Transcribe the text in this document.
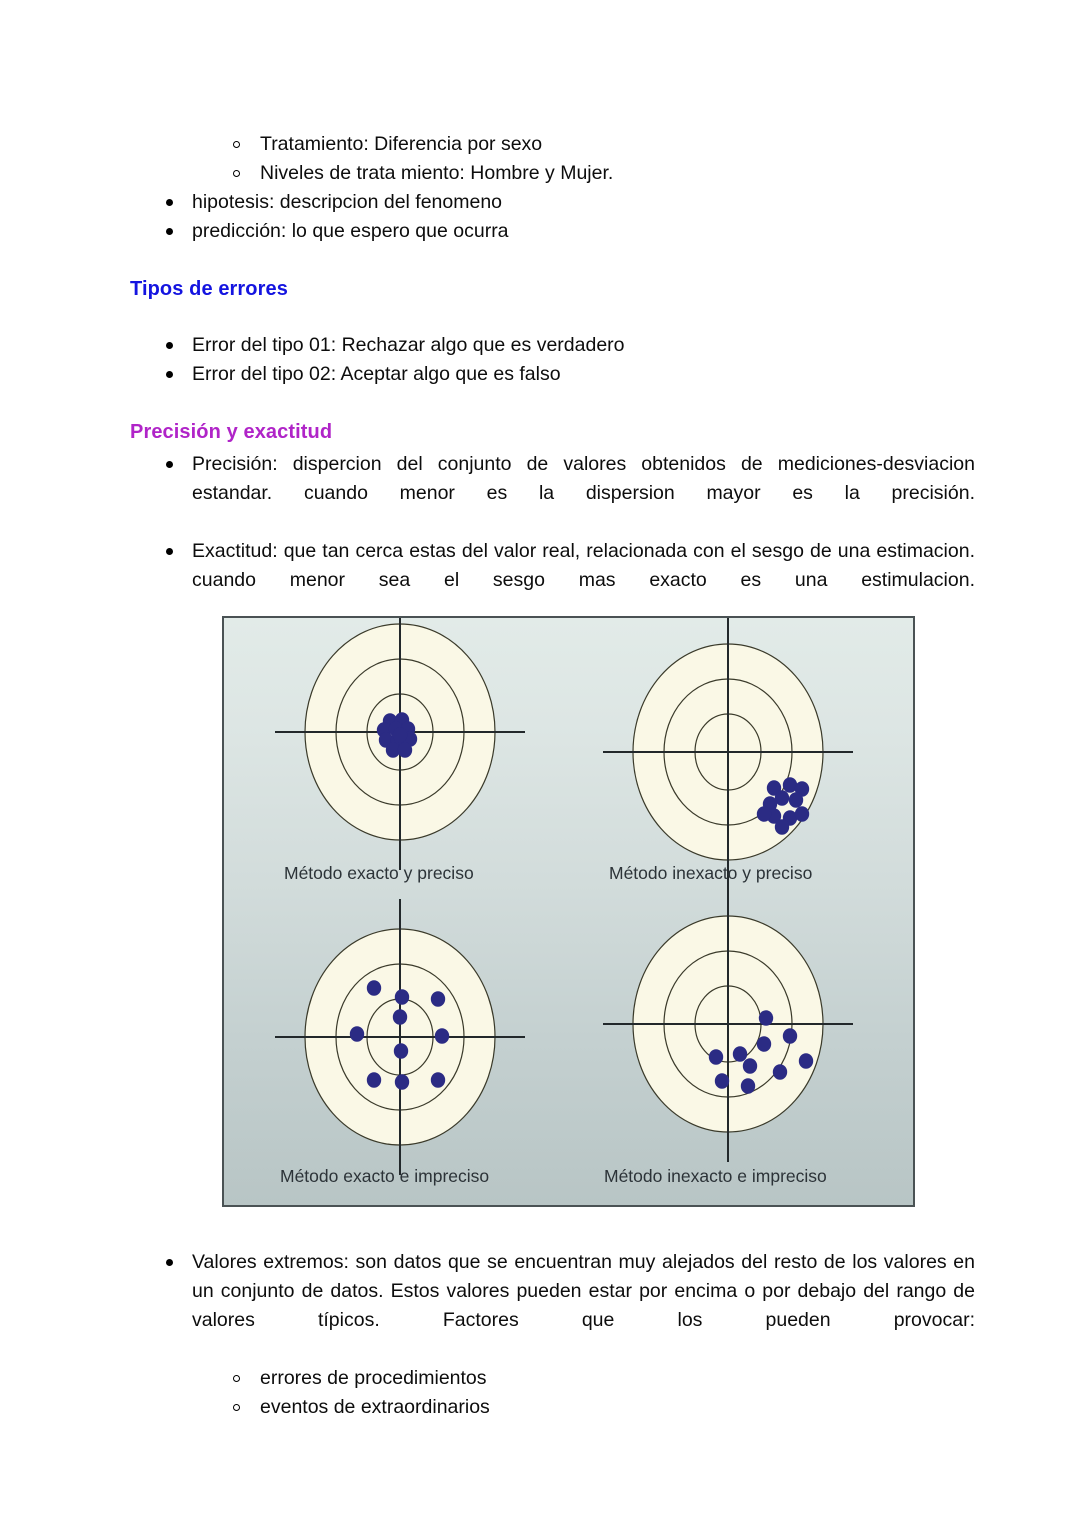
Tratamiento: Diferencia por sexo
Niveles de trata miento: Hombre y Mujer.
hipotesis: descripcion del fenomeno
predicción: lo que espero que ocurra
Tipos de errores
Error del tipo 01: Rechazar algo que es verdadero
Error del tipo 02: Aceptar algo que es falso
Precisión y exactitud
Precisión: dispercion del conjunto de valores obtenidos de mediciones-desviacion estandar. cuando menor es la dispersion mayor es la precisión.
Exactitud: que tan cerca estas del valor real, relacionada con el sesgo de una estimacion. cuando menor sea el sesgo mas exacto es una estimulacion.
Método exacto y preciso	Método inexacto y preciso
Método exacto e impreciso	Método inexacto e impreciso
Valores extremos: son datos que se encuentran muy alejados del resto de los valores en un conjunto de datos. Estos valores pueden estar por encima o por debajo del rango de valores típicos. Factores que los pueden provocar:
errores de procedimientos
eventos de extraordinarios
